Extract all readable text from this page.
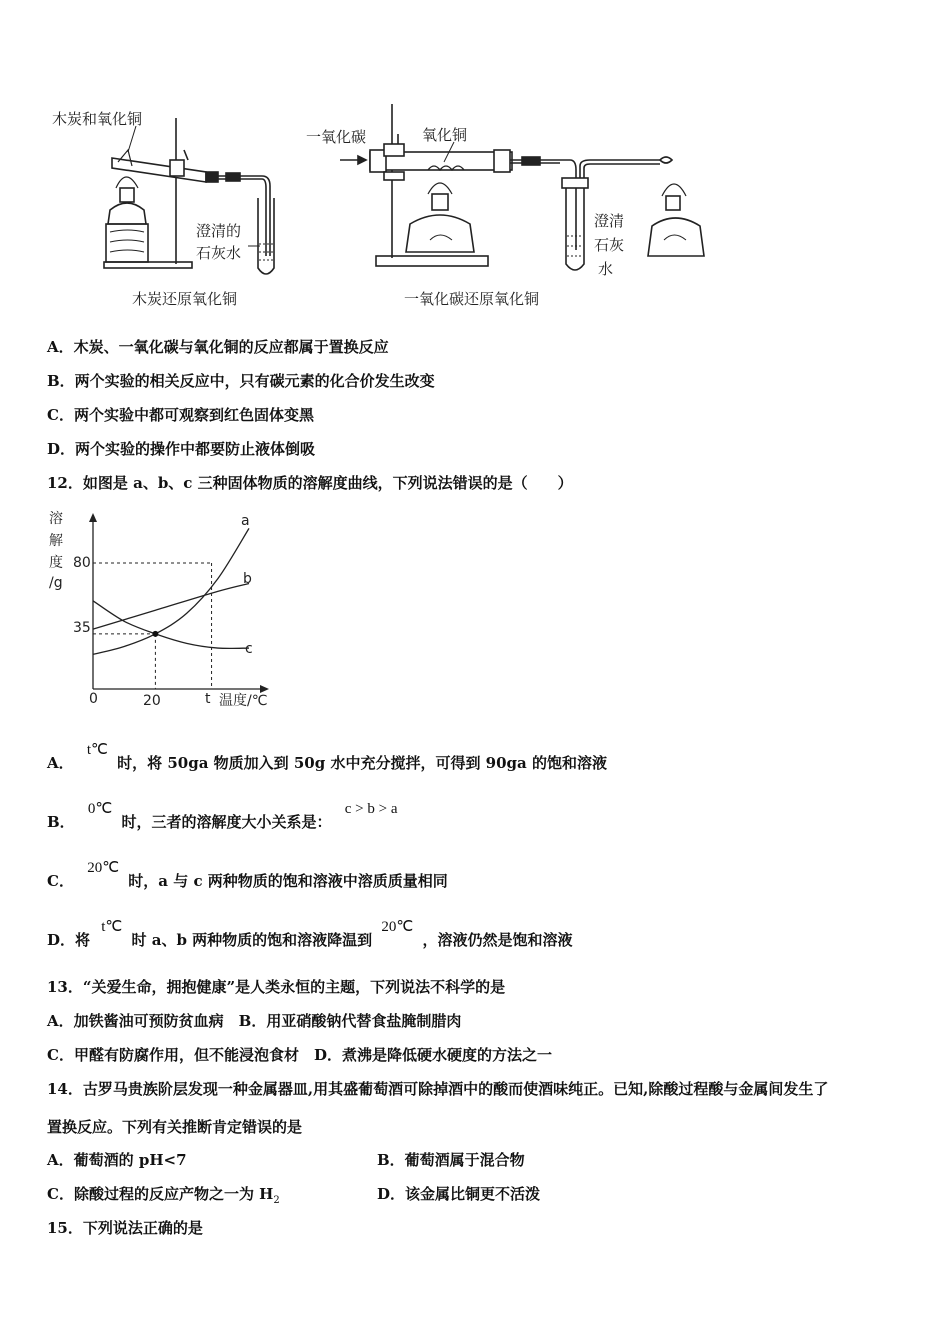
木炭和氧化铜
澄清的
石灰水
木炭还原氧化铜
一氧化碳	氧化铜
澄清
石灰
水
一氧化碳还原氧化铜
A．木炭、一氧化碳与氧化铜的反应都属于置换反应
B．两个实验的相关反应中，只有碳元素的化合价发生改变
C．两个实验中都可观察到红色固体变黑
D．两个实验的操作中都要防止液体倒吸
12．如图是 a、b、c 三种固体物质的溶解度曲线，下列说法错误的是（　　）
溶
解
度
/g
80
35
0	20	t 温度/℃
a
b
c
A． t℃ 时，将 50ga 物质加入到 50g 水中充分搅拌，可得到 90ga 的饱和溶液
B． 0℃ 时，三者的溶解度大小关系是： c > b > a
C． 20℃ 时，a 与 c 两种物质的饱和溶液中溶质质量相同
D．将 t℃ 时 a、b 两种物质的饱和溶液降温到 20℃ ，溶液仍然是饱和溶液
13．“关爱生命，拥抱健康”是人类永恒的主题，下列说法不科学的是
A．加铁酱油可预防贫血病　B．用亚硝酸钠代替食盐腌制腊肉
C．甲醛有防腐作用，但不能浸泡食材　D．煮沸是降低硬水硬度的方法之一
14．古罗马贵族阶层发现一种金属器皿,用其盛葡萄酒可除掉酒中的酸而使酒味纯正。已知,除酸过程酸与金属间发生了
置换反应。下列有关推断肯定错误的是
A．葡萄酒的 pH<7	B．葡萄酒属于混合物
C．除酸过程的反应产物之一为 $H_2$	D．该金属比铜更不活泼
15．下列说法正确的是
